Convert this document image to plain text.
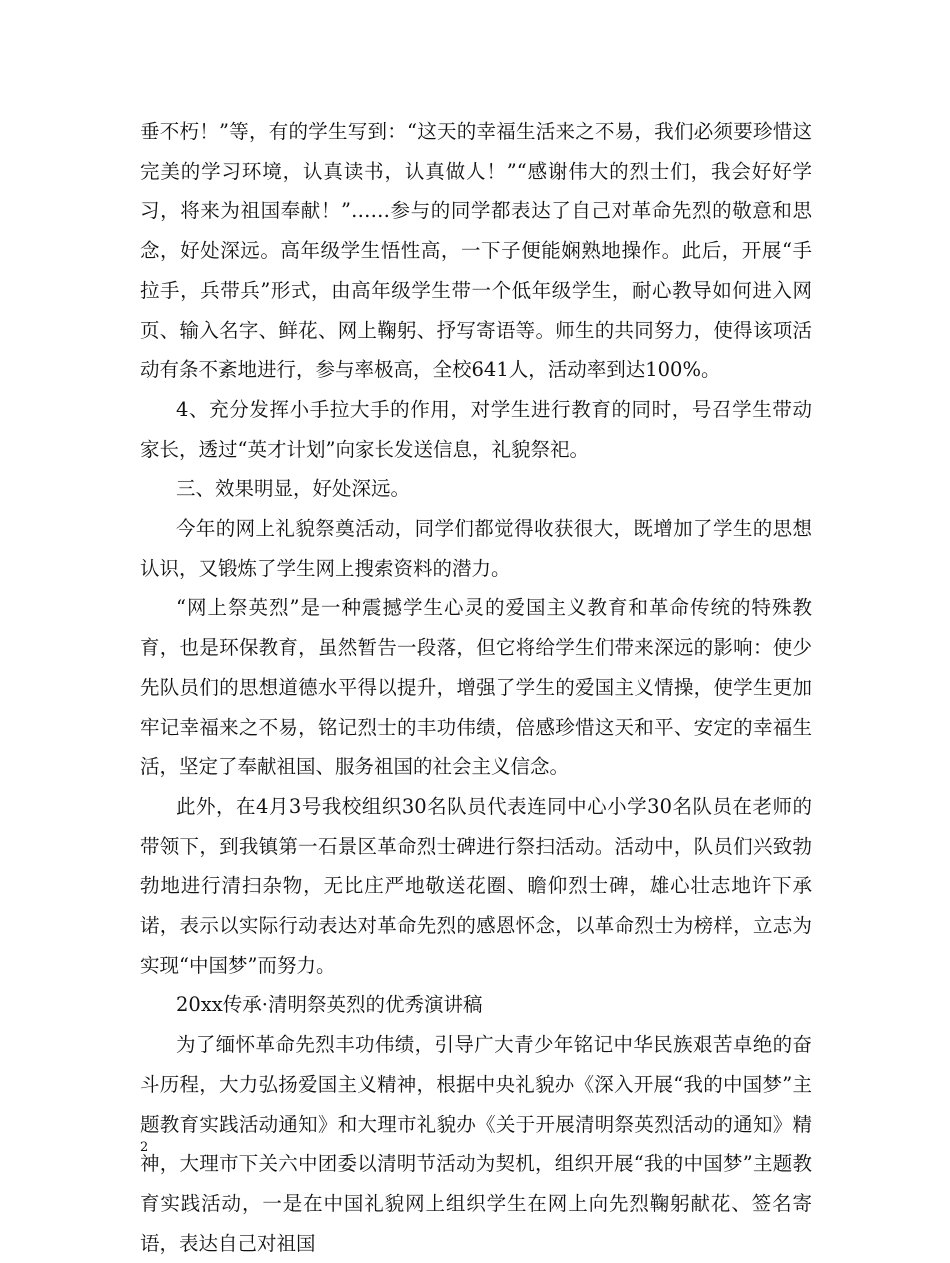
垂不朽！”等，有的学生写到：“这天的幸福生活来之不易，我们必须要珍惜这完美的学习环境，认真读书，认真做人！”“感谢伟大的烈士们，我会好好学习，将来为祖国奉献！”……参与的同学都表达了自己对革命先烈的敬意和思念，好处深远。高年级学生悟性高，一下子便能娴熟地操作。此后，开展“手拉手，兵带兵”形式，由高年级学生带一个低年级学生，耐心教导如何进入网页、输入名字、鲜花、网上鞠躬、抒写寄语等。师生的共同努力，使得该项活动有条不紊地进行，参与率极高，全校641人，活动率到达100%。

4、充分发挥小手拉大手的作用，对学生进行教育的同时，号召学生带动家长，透过“英才计划”向家长发送信息，礼貌祭祀。

三、效果明显，好处深远。

今年的网上礼貌祭奠活动，同学们都觉得收获很大，既增加了学生的思想认识，又锻炼了学生网上搜索资料的潜力。

“网上祭英烈”是一种震撼学生心灵的爱国主义教育和革命传统的特殊教育，也是环保教育，虽然暂告一段落，但它将给学生们带来深远的影响：使少先队员们的思想道德水平得以提升，增强了学生的爱国主义情操，使学生更加牢记幸福来之不易，铭记烈士的丰功伟绩，倍感珍惜这天和平、安定的幸福生活，坚定了奉献祖国、服务祖国的社会主义信念。

此外，在4月3号我校组织30名队员代表连同中心小学30名队员在老师的带领下，到我镇第一石景区革命烈士碑进行祭扫活动。活动中，队员们兴致勃勃地进行清扫杂物，无比庄严地敬送花圈、瞻仰烈士碑，雄心壮志地许下承诺，表示以实际行动表达对革命先烈的感恩怀念，以革命烈士为榜样，立志为实现“中国梦”而努力。

20xx传承·清明祭英烈的优秀演讲稿

为了缅怀革命先烈丰功伟绩，引导广大青少年铭记中华民族艰苦卓绝的奋斗历程，大力弘扬爱国主义精神，根据中央礼貌办《深入开展“我的中国梦”主题教育实践活动通知》和大理市礼貌办《关于开展清明祭英烈活动的通知》精神，大理市下关六中团委以清明节活动为契机，组织开展“我的中国梦”主题教育实践活动，一是在中国礼貌网上组织学生在网上向先烈鞠躬献花、签名寄语，表达自己对祖国

2
